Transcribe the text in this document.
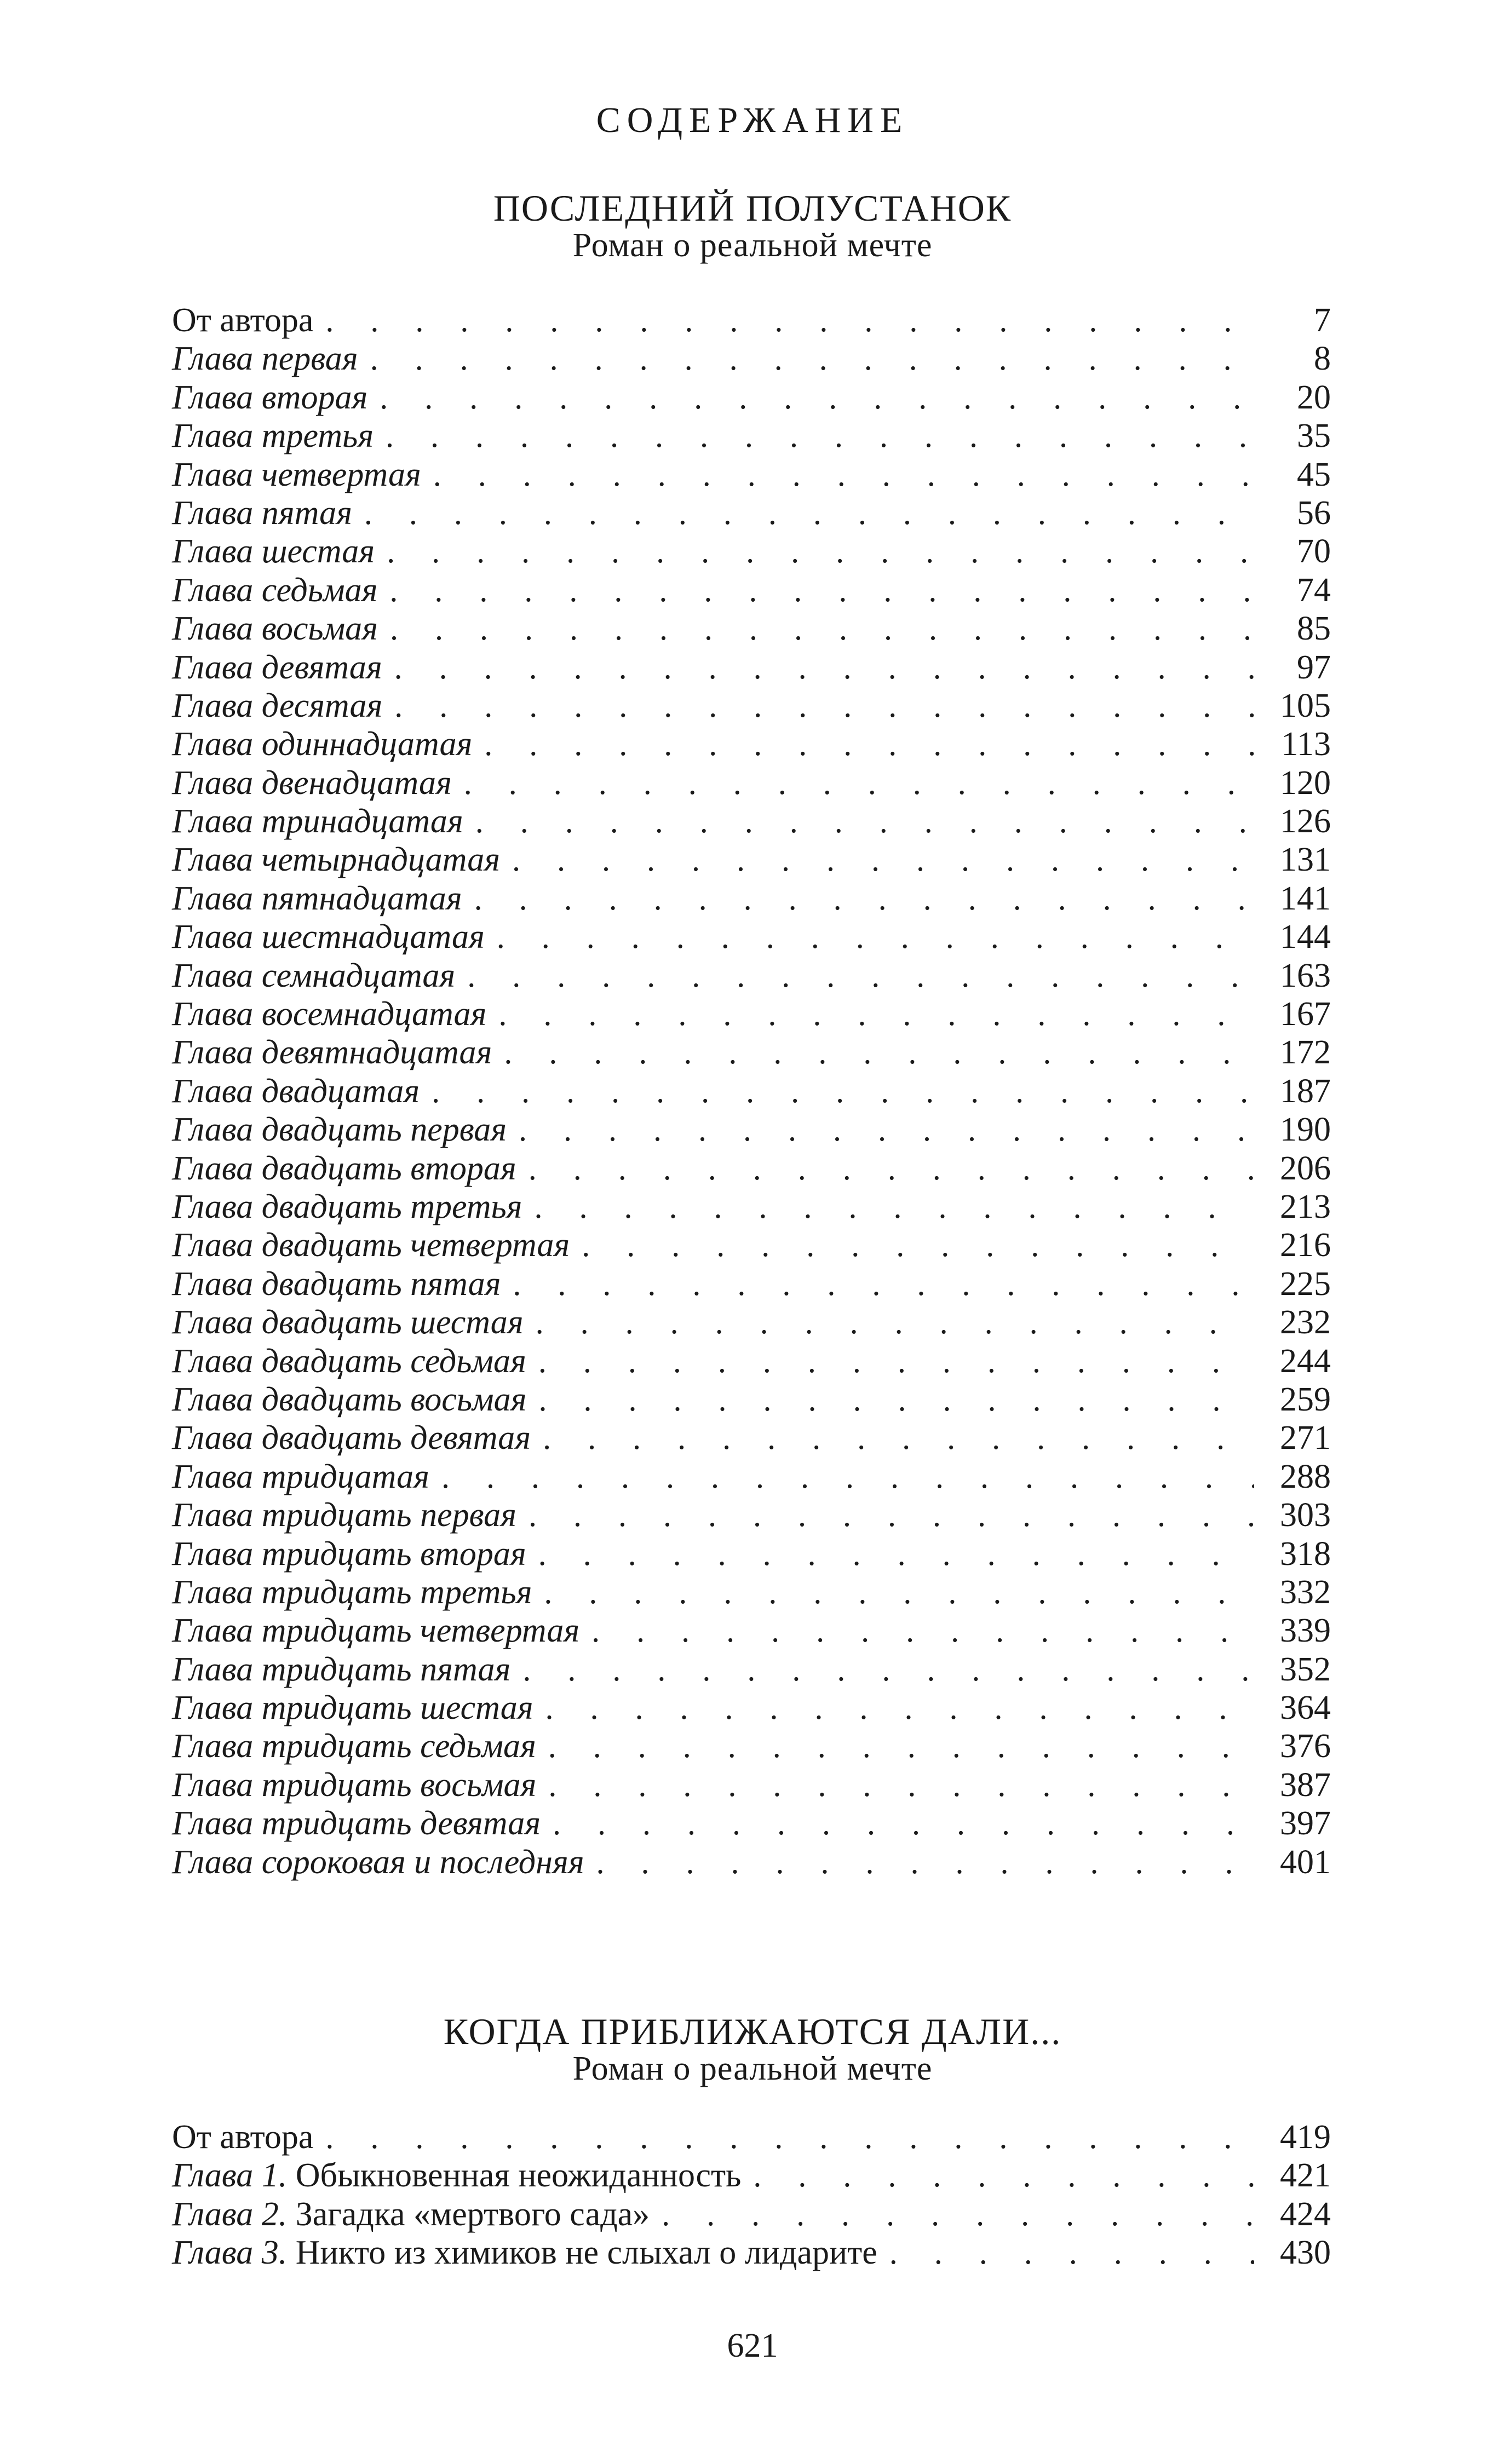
СОДЕРЖАНИЕ
ПОСЛЕДНИЙ ПОЛУСТАНОК
Роман о реальной мечте
От автора . . .	7
Глава первая . . .	8
Глава вторая . . .	20
Глава третья . . .	35
Глава четвертая . . .	45
Глава пятая . . .	56
Глава шестая . . .	70
Глава седьмая . . .	74
Глава восьмая . . .	85
Глава девятая . . .	97
Глава десятая . . .	105
Глава одиннадцатая . . .	113
Глава двенадцатая . . .	120
Глава тринадцатая . . .	126
Глава четырнадцатая . . .	131
Глава пятнадцатая . . .	141
Глава шестнадцатая . . .	144
Глава семнадцатая . . .	163
Глава восемнадцатая . . .	167
Глава девятнадцатая . . .	172
Глава двадцатая . . .	187
Глава двадцать первая . . .	190
Глава двадцать вторая . . .	206
Глава двадцать третья . . .	213
Глава двадцать четвертая . . .	216
Глава двадцать пятая . . .	225
Глава двадцать шестая . . .	232
Глава двадцать седьмая . . .	244
Глава двадцать восьмая . . .	259
Глава двадцать девятая . . .	271
Глава тридцатая . . .	288
Глава тридцать первая . . .	303
Глава тридцать вторая . . .	318
Глава тридцать третья . . .	332
Глава тридцать четвертая . . .	339
Глава тридцать пятая . . .	352
Глава тридцать шестая . . .	364
Глава тридцать седьмая . . .	376
Глава тридцать восьмая . . .	387
Глава тридцать девятая . . .	397
Глава сороковая и последняя . . .	401
КОГДА ПРИБЛИЖАЮТСЯ ДАЛИ...
Роман о реальной мечте
От автора . . .	419
Глава 1. Обыкновенная неожиданность . . .	421
Глава 2. Загадка «мертвого сада» . . .	424
Глава 3. Никто из химиков не слыхал о лидарите . . .	430
621
